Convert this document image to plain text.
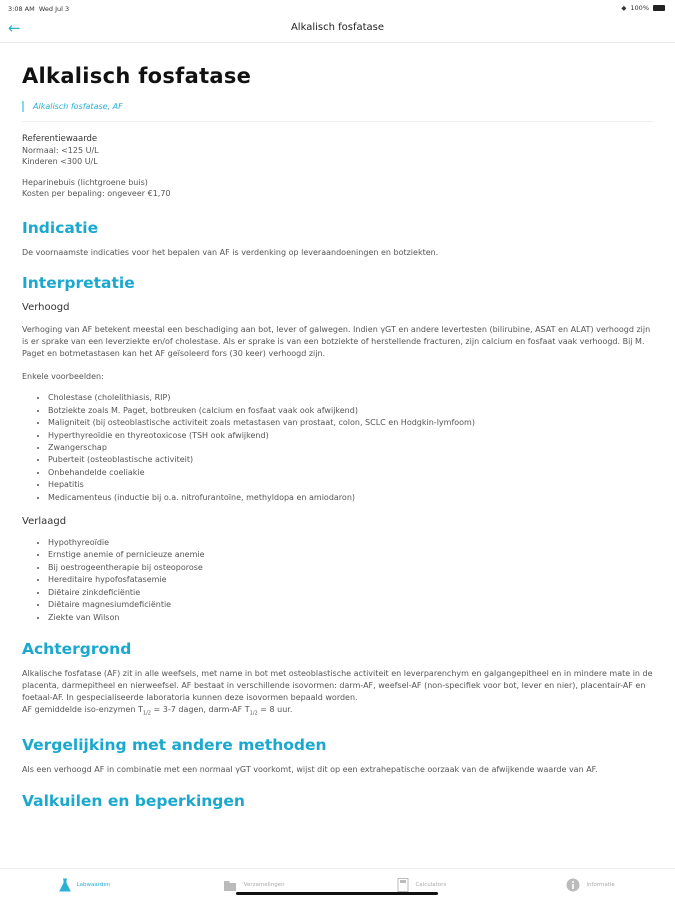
3:08 AM Wed Jul 3	◆ 100%
←	Alkalisch fosfatase
Alkalisch fosfatase
Alkalisch fosfatase, AF

Referentiewaarde

Normaal: <125 U/L

Kinderen <300 U/L

Heparinebuis (lichtgroene buis)

Kosten per bepaling: ongeveer €1,70

Indicatie

De voornaamste indicaties voor het bepalen van AF is verdenking op leveraandoeningen en botziekten.

Interpretatie
Verhoogd

Verhoging van AF betekent meestal een beschadiging aan bot, lever of galwegen. Indien γGT en andere levertesten (bilirubine, ASAT en ALAT) verhoogd zijn is er sprake van een leverziekte en/of cholestase. Als er sprake is van een botziekte of herstellende fracturen, zijn calcium en fosfaat vaak verhoogd. Bij M. Paget en botmetastasen kan het AF geïsoleerd fors (30 keer) verhoogd zijn.

Enkele voorbeelden:

• Cholestase (cholelithiasis, RIP)
• Botziekte zoals M. Paget, botbreuken (calcium en fosfaat vaak ook afwijkend)
• Maligniteit (bij osteoblastische activiteit zoals metastasen van prostaat, colon, SCLC en Hodgkin-lymfoom)
• Hyperthyreoïdie en thyreotoxicose (TSH ook afwijkend)
• Zwangerschap
• Puberteit (osteoblastische activiteit)
• Onbehandelde coeliakie
• Hepatitis
• Medicamenteus (inductie bij o.a. nitrofurantoïne, methyldopa en amiodaron)
Verlaagd
• Hypothyreoïdie
• Ernstige anemie of pernicieuze anemie
• Bij oestrogeentherapie bij osteoporose
• Hereditaire hypofosfatasemie
• Diëtaire zinkdeficiëntie
• Diëtaire magnesiumdeficiëntie
• Ziekte van Wilson
Achtergrond

Alkalische fosfatase (AF) zit in alle weefsels, met name in bot met osteoblastische activiteit en leverparenchym en galgangepitheel en in mindere mate in de placenta, darmepitheel en nierweefsel. AF bestaat in verschillende isovormen: darm-AF, weefsel-AF (non-specifiek voor bot, lever en nier), placentair-AF en foetaal-AF. In gespecialiseerde laboratoria kunnen deze isovormen bepaald worden.

AF gemiddelde iso-enzymen $T_{1/2} = 3-7$ dagen, darm-AF $T_{1/2} = 8$ uur.

Vergelijking met andere methoden

Als een verhoogd AF in combinatie met een normaal γGT voorkomt, wijst dit op een extrahepatische oorzaak van de afwijkende waarde van AF.

Valkuilen en beperkingen
Labwaarden	Verzamelingen	Calculators	Informatie
